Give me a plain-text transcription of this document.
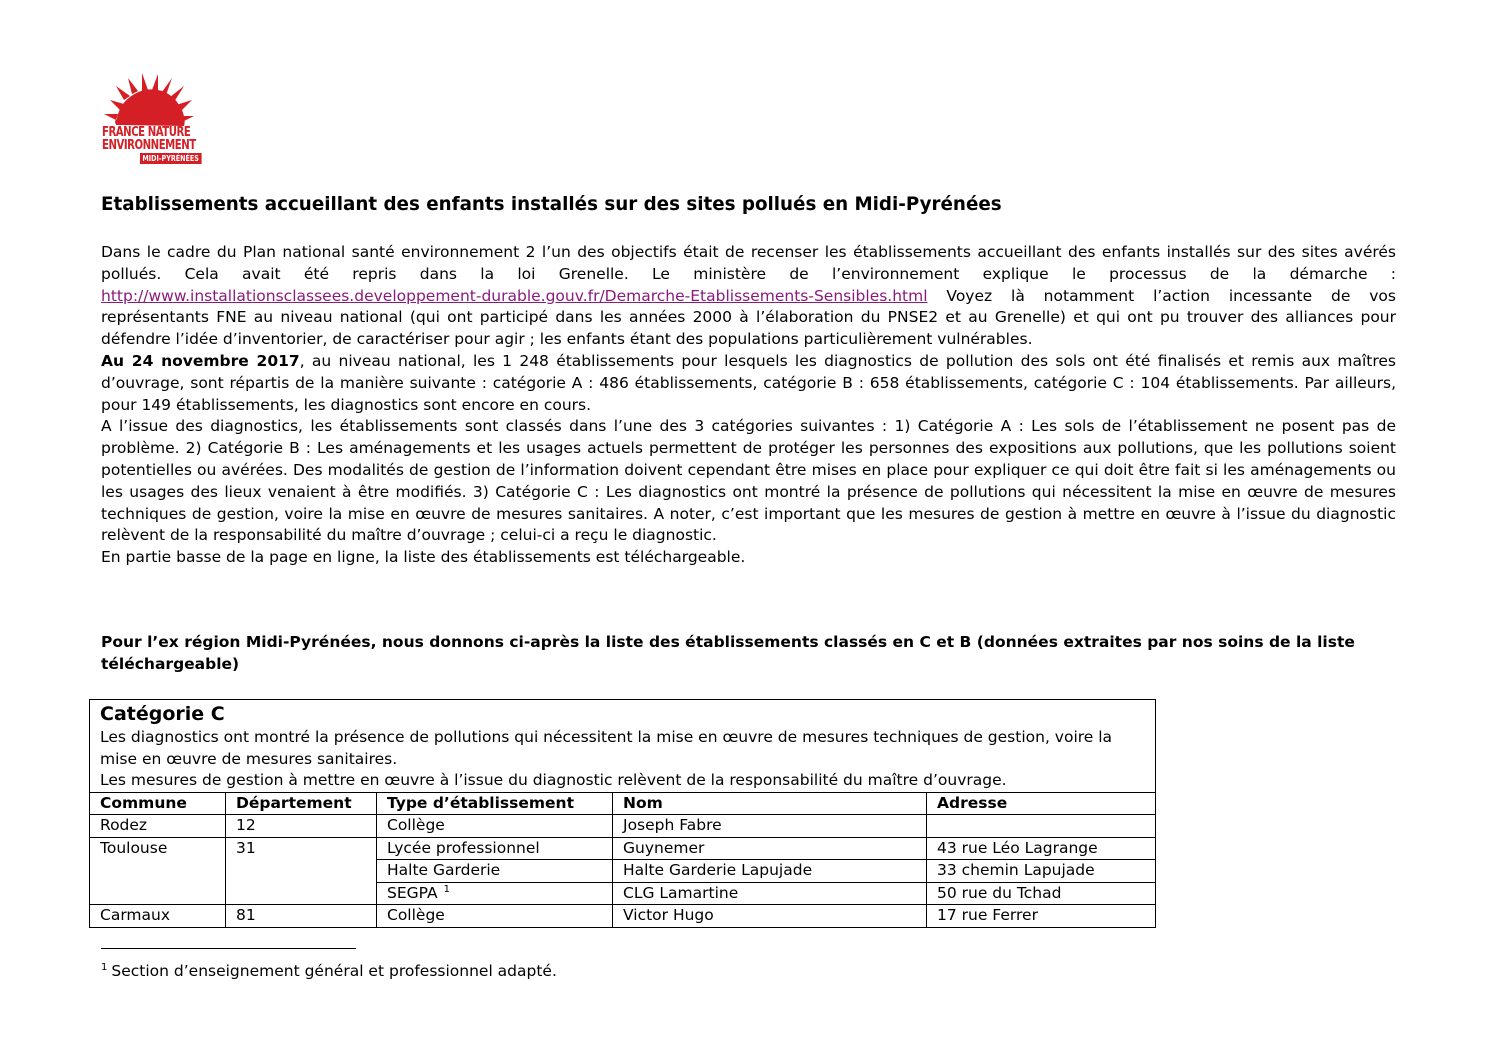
FRANCE NATURE
ENVIRONNEMENT
MIDI-PYRÉNÉES
Etablissements accueillant des enfants installés sur des sites pollués en Midi-Pyrénées

Dans le cadre du Plan national santé environnement 2 l’un des objectifs était de recenser les établissements accueillant des enfants installés sur des sites avérés pollués. Cela avait été repris dans la loi Grenelle. Le ministère de l’environnement explique le processus de la démarche : http://www.installationsclassees.developpement-durable.gouv.fr/Demarche-Etablissements-Sensibles.html Voyez là notamment l’action incessante de vos représentants FNE au niveau national (qui ont participé dans les années 2000 à l’élaboration du PNSE2 et au Grenelle) et qui ont pu trouver des alliances pour défendre l’idée d’inventorier, de caractériser pour agir ; les enfants étant des populations particulièrement vulnérables.

Au 24 novembre 2017, au niveau national, les 1 248 établissements pour lesquels les diagnostics de pollution des sols ont été finalisés et remis aux maîtres d’ouvrage, sont répartis de la manière suivante : catégorie A : 486 établissements, catégorie B : 658 établissements, catégorie C : 104 établissements. Par ailleurs, pour 149 établissements, les diagnostics sont encore en cours.

A l’issue des diagnostics, les établissements sont classés dans l’une des 3 catégories suivantes : 1) Catégorie A : Les sols de l’établissement ne posent pas de problème. 2) Catégorie B : Les aménagements et les usages actuels permettent de protéger les personnes des expositions aux pollutions, que les pollutions soient potentielles ou avérées. Des modalités de gestion de l’information doivent cependant être mises en place pour expliquer ce qui doit être fait si les aménagements ou les usages des lieux venaient à être modifiés. 3) Catégorie C : Les diagnostics ont montré la présence de pollutions qui nécessitent la mise en œuvre de mesures techniques de gestion, voire la mise en œuvre de mesures sanitaires. A noter, c’est important que les mesures de gestion à mettre en œuvre à l’issue du diagnostic relèvent de la responsabilité du maître d’ouvrage ; celui-ci a reçu le diagnostic.

En partie basse de la page en ligne, la liste des établissements est téléchargeable.

Pour l’ex région Midi-Pyrénées, nous donnons ci-après la liste des établissements classés en C et B (données extraites par nos soins de la liste téléchargeable)

Catégorie C

Les diagnostics ont montré la présence de pollutions qui nécessitent la mise en œuvre de mesures techniques de gestion, voire la mise en œuvre de mesures sanitaires.

Les mesures de gestion à mettre en œuvre à l’issue du diagnostic relèvent de la responsabilité du maître d’ouvrage.

Commune	Département	Type d’établissement	Nom	Adresse
Rodez	12	Collège	Joseph Fabre	
Toulouse	31	Lycée professionnel	Guynemer	43 rue Léo Lagrange
		Halte Garderie	Halte Garderie Lapujade	33 chemin Lapujade
		SEGPA $^1$	CLG Lamartine	50 rue du Tchad
Carmaux	81	Collège	Victor Hugo	17 rue Ferrer

$^1$ Section d’enseignement général et professionnel adapté.
